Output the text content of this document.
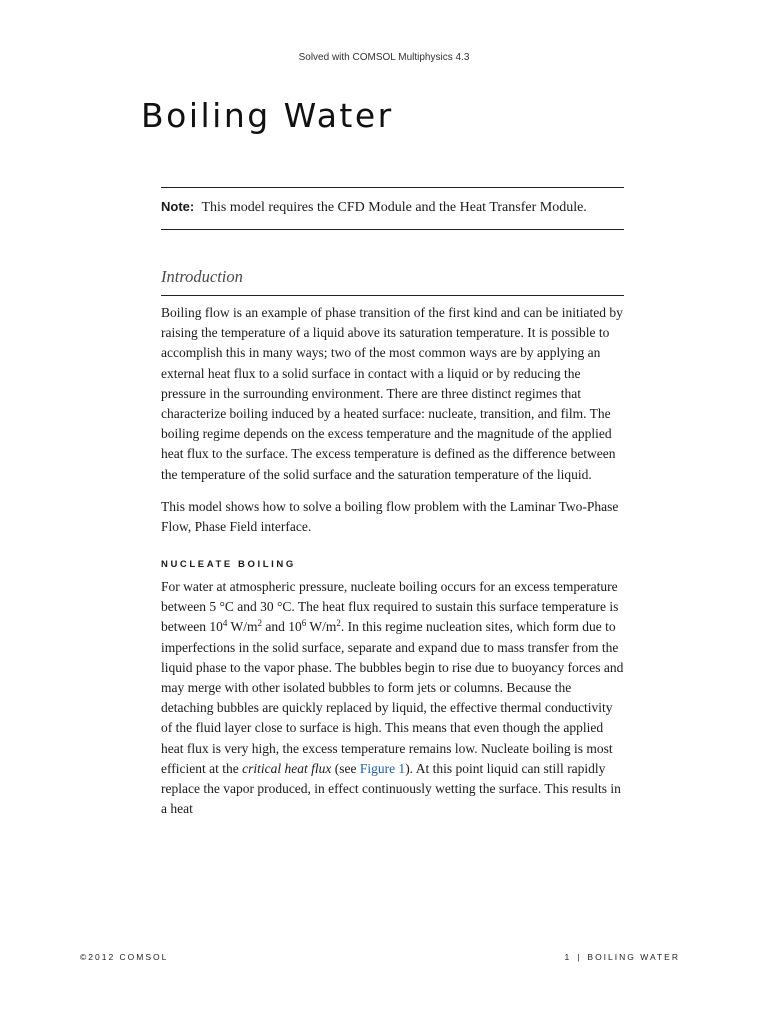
Solved with COMSOL Multiphysics 4.3
Boiling Water
Note: This model requires the CFD Module and the Heat Transfer Module.
Introduction

Boiling flow is an example of phase transition of the first kind and can be initiated by raising the temperature of a liquid above its saturation temperature. It is possible to accomplish this in many ways; two of the most common ways are by applying an external heat flux to a solid surface in contact with a liquid or by reducing the pressure in the surrounding environment. There are three distinct regimes that characterize boiling induced by a heated surface: nucleate, transition, and film. The boiling regime depends on the excess temperature and the magnitude of the applied heat flux to the surface. The excess temperature is defined as the difference between the temperature of the solid surface and the saturation temperature of the liquid.

This model shows how to solve a boiling flow problem with the Laminar Two-Phase Flow, Phase Field interface.

NUCLEATE BOILING

For water at atmospheric pressure, nucleate boiling occurs for an excess temperature between 5 °C and 30 °C. The heat flux required to sustain this surface temperature is between $10^4$ $W/m^2$ and $10^6$ $W/m^2$. In this regime nucleation sites, which form due to imperfections in the solid surface, separate and expand due to mass transfer from the liquid phase to the vapor phase. The bubbles begin to rise due to buoyancy forces and may merge with other isolated bubbles to form jets or columns. Because the detaching bubbles are quickly replaced by liquid, the effective thermal conductivity of the fluid layer close to surface is high. This means that even though the applied heat flux is very high, the excess temperature remains low. Nucleate boiling is most efficient at the critical heat flux (see Figure 1). At this point liquid can still rapidly replace the vapor produced, in effect continuously wetting the surface. This results in a heat

©2012 COMSOL	1 | BOILING WATER
